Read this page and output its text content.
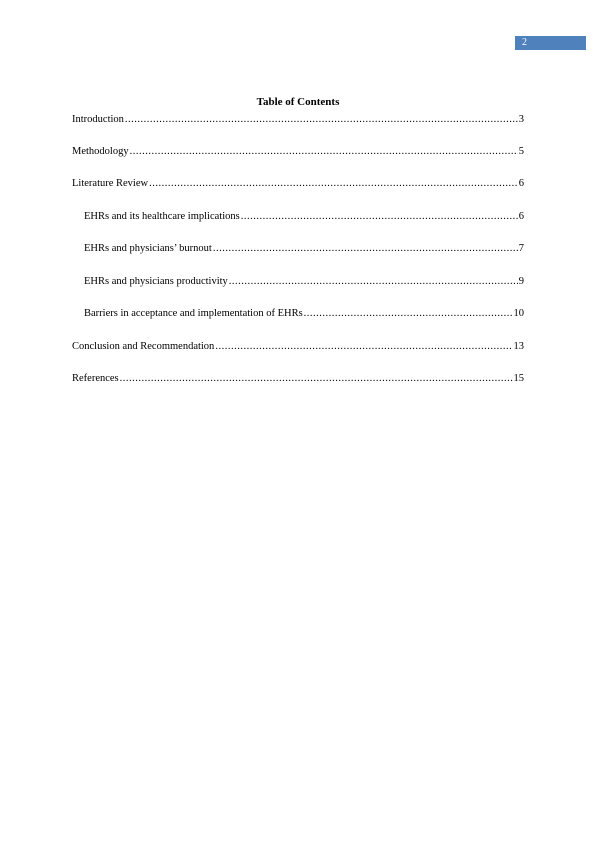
2
Table of Contents
Introduction .....	3
Methodology .....	5
Literature Review .....	6
EHRs and its healthcare implications .....	6
EHRs and physicians’ burnout .....	7
EHRs and physicians productivity .....	9
Barriers in acceptance and implementation of EHRs .....	10
Conclusion and Recommendation .....	13
References .....	15
